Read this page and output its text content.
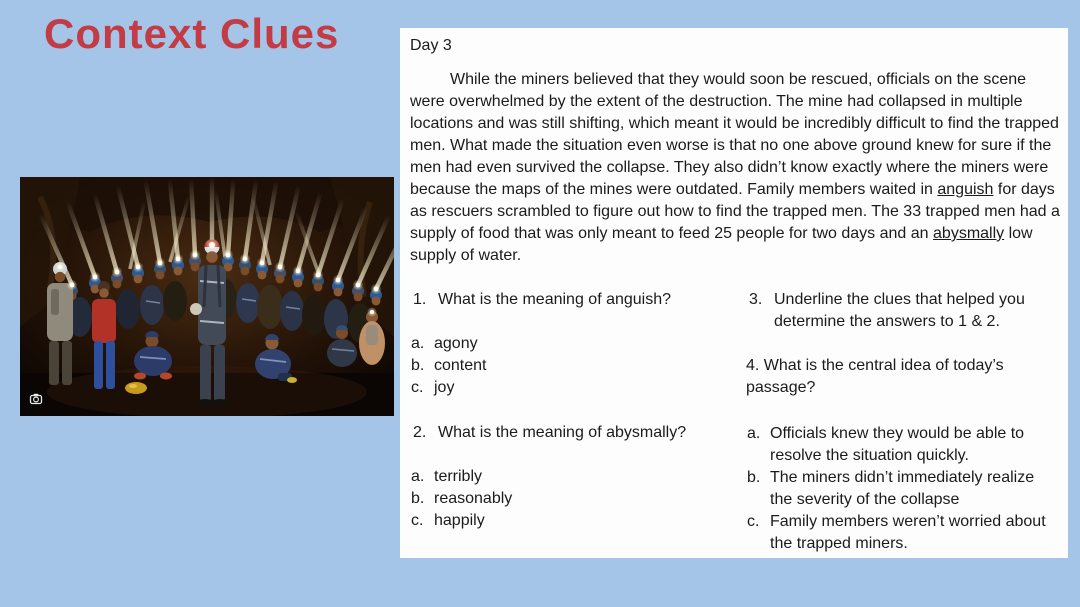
Context Clues	Day 3

While the miners believed that they would soon be rescued, officials on the scene were overwhelmed by the extent of the destruction. The mine had collapsed in multiple locations and was still shifting, which meant it would be incredibly difficult to find the trapped men. What made the situation even worse is that no one above ground knew for sure if the men had even survived the collapse. They also didn’t know exactly where the miners were because the maps of the mines were outdated. Family members waited in anguish for days as rescuers scrambled to figure out how to find the trapped men. The 33 trapped men had a supply of food that was only meant to feed 25 people for two days and an abysmally low supply of water.

1. What is the meaning of anguish?
a. agony
b. content
c. joy
2. What is the meaning of abysmally?
a. terribly
b. reasonably
c. happily
3. Underline the clues that helped you determine the answers to 1 & 2.

4. What is the central idea of today’s passage?

a. Officials knew they would be able to resolve the situation quickly.
b. The miners didn’t immediately realize the severity of the collapse
c. Family members weren’t worried about the trapped miners.
